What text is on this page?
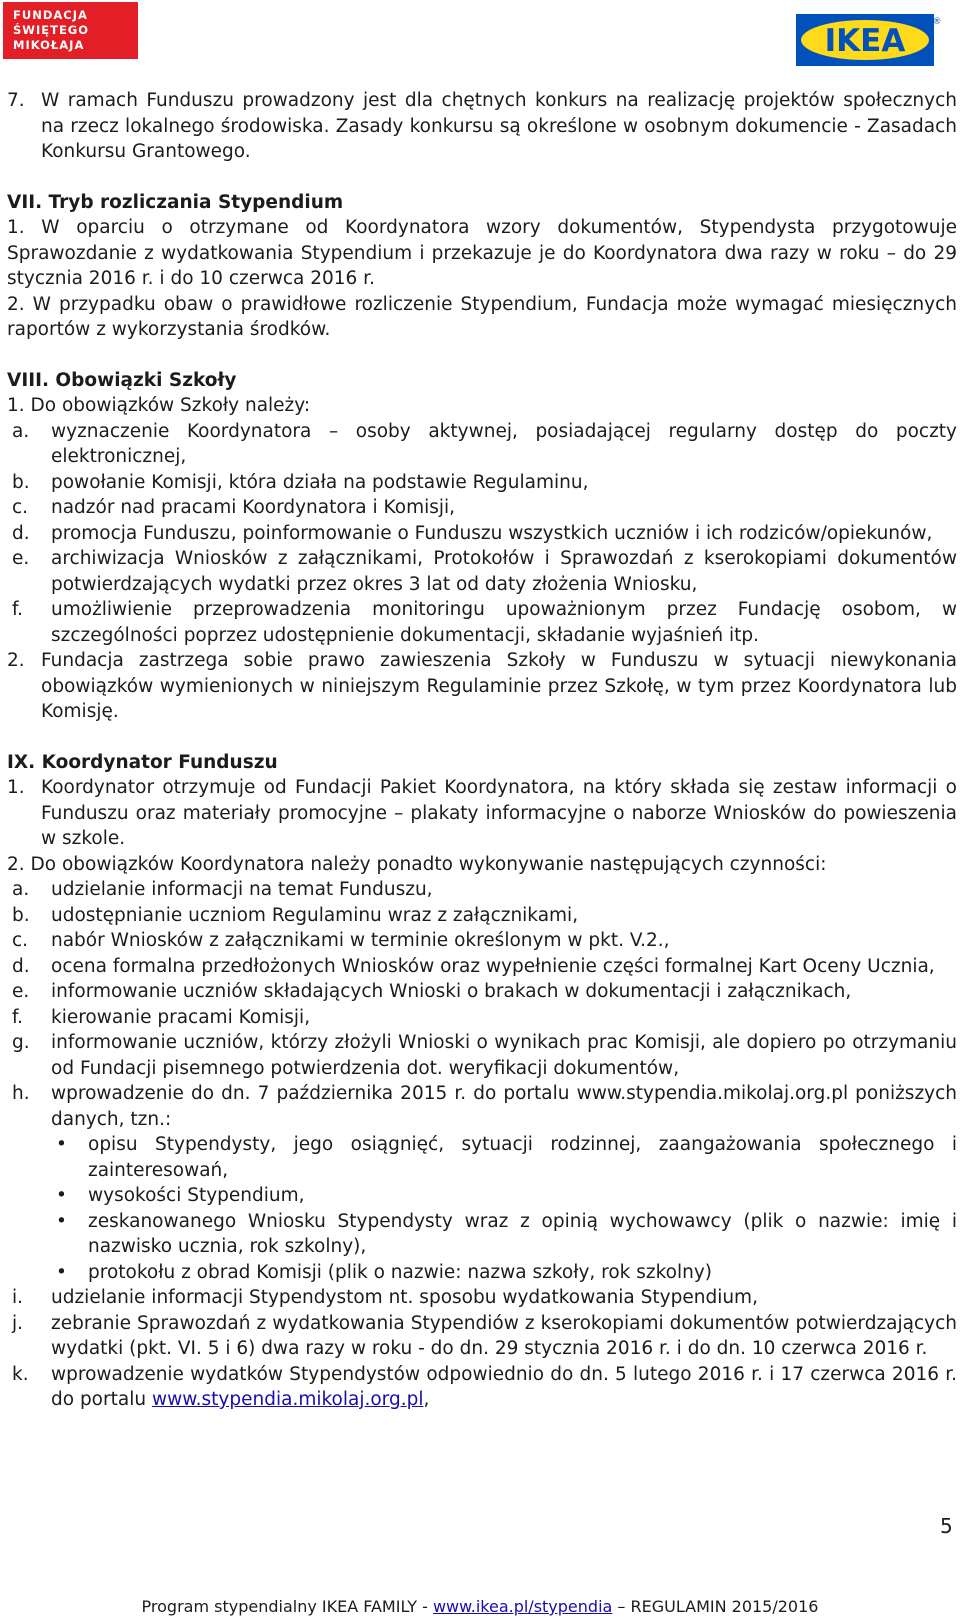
FUNDACJA
ŚWIĘTEGO
MIKOŁAJA	IKEA
®
7. W ramach Funduszu prowadzony jest dla chętnych konkurs na realizację projektów społecznych na rzecz lokalnego środowiska. Zasady konkursu są określone w osobnym dokumencie - Zasadach Konkursu Grantowego.
VII. Tryb rozliczania Stypendium

1. W oparciu o otrzymane od Koordynatora wzory dokumentów, Stypendysta przygotowuje Sprawozdanie z wydatkowania Stypendium i przekazuje je do Koordynatora dwa razy w roku – do 29 stycznia 2016 r. i do 10 czerwca 2016 r.

2. W przypadku obaw o prawidłowe rozliczenie Stypendium, Fundacja może wymagać miesięcznych raportów z wykorzystania środków.

VIII. Obowiązki Szkoły

1. Do obowiązków Szkoły należy:

a.	wyznaczenie Koordynatora – osoby aktywnej, posiadającej regularny dostęp do poczty elektronicznej,
b.	powołanie Komisji, która działa na podstawie Regulaminu,
c.	nadzór nad pracami Koordynatora i Komisji,
d.	promocja Funduszu, poinformowanie o Funduszu wszystkich uczniów i ich rodziców/opiekunów,
e.	archiwizacja Wniosków z załącznikami, Protokołów i Sprawozdań z kserokopiami dokumentów potwierdzających wydatki przez okres 3 lat od daty złożenia Wniosku,
f.	umożliwienie przeprowadzenia monitoringu upoważnionym przez Fundację osobom, w szczególności poprzez udostępnienie dokumentacji, składanie wyjaśnień itp.
2. Fundacja zastrzega sobie prawo zawieszenia Szkoły w Funduszu w sytuacji niewykonania obowiązków wymienionych w niniejszym Regulaminie przez Szkołę, w tym przez Koordynatora lub Komisję.
IX. Koordynator Funduszu
1. Koordynator otrzymuje od Fundacji Pakiet Koordynatora, na który składa się zestaw informacji o Funduszu oraz materiały promocyjne – plakaty informacyjne o naborze Wniosków do powieszenia w szkole.

2. Do obowiązków Koordynatora należy ponadto wykonywanie następujących czynności:

a.	udzielanie informacji na temat Funduszu,
b.	udostępnianie uczniom Regulaminu wraz z załącznikami,
c.	nabór Wniosków z załącznikami w terminie określonym w pkt. V.2.,
d.	ocena formalna przedłożonych Wniosków oraz wypełnienie części formalnej Kart Oceny Ucznia,
e.	informowanie uczniów składających Wnioski o brakach w dokumentacji i załącznikach,
f.	kierowanie pracami Komisji,
g.	informowanie uczniów, którzy złożyli Wnioski o wynikach prac Komisji, ale dopiero po otrzymaniu od Fundacji pisemnego potwierdzenia dot. weryfikacji dokumentów,
h.	wprowadzenie do dn. 7 października 2015 r. do portalu www.stypendia.mikolaj.org.pl poniższych danych, tzn.:
•	opisu Stypendysty, jego osiągnięć, sytuacji rodzinnej, zaangażowania społecznego i zainteresowań,
•	wysokości Stypendium,
•	zeskanowanego Wniosku Stypendysty wraz z opinią wychowawcy (plik o nazwie: imię i nazwisko ucznia, rok szkolny),
•	protokołu z obrad Komisji (plik o nazwie: nazwa szkoły, rok szkolny)
i.	udzielanie informacji Stypendystom nt. sposobu wydatkowania Stypendium,
j.	zebranie Sprawozdań z wydatkowania Stypendiów z kserokopiami dokumentów potwierdzających wydatki (pkt. VI. 5 i 6) dwa razy w roku - do dn. 29 stycznia 2016 r. i do dn. 10 czerwca 2016 r.
k.	wprowadzenie wydatków Stypendystów odpowiednio do dn. 5 lutego 2016 r. i 17 czerwca 2016 r. do portalu www.stypendia.mikolaj.org.pl,
5
Program stypendialny IKEA FAMILY - www.ikea.pl/stypendia – REGULAMIN 2015/2016
